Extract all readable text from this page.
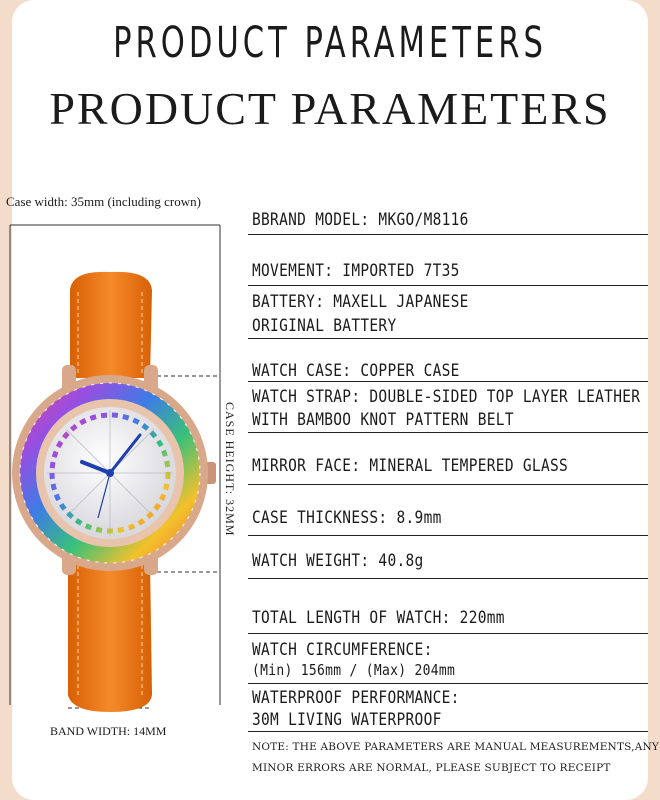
PRODUCT PARAMETERS
PRODUCT PARAMETERS
Case width: 35mm (including crown)
CASE HEIGHT: 32MM
BAND WIDTH: 14MM
BBRAND MODEL: MKGO/M8116
MOVEMENT: IMPORTED 7T35
BATTERY: MAXELL JAPANESE
ORIGINAL BATTERY
WATCH CASE: COPPER CASE
WATCH STRAP: DOUBLE-SIDED TOP LAYER LEATHER
WITH BAMBOO KNOT PATTERN BELT
MIRROR FACE: MINERAL TEMPERED GLASS
CASE THICKNESS: 8.9mm
WATCH WEIGHT: 40.8g
TOTAL LENGTH OF WATCH: 220mm
WATCH CIRCUMFERENCE:
(Min) 156mm / (Max) 204mm
WATERPROOF PERFORMANCE:
30M LIVING WATERPROOF
NOTE: THE ABOVE PARAMETERS ARE MANUAL MEASUREMENTS,ANY
MINOR ERRORS ARE NORMAL, PLEASE SUBJECT TO RECEIPT
